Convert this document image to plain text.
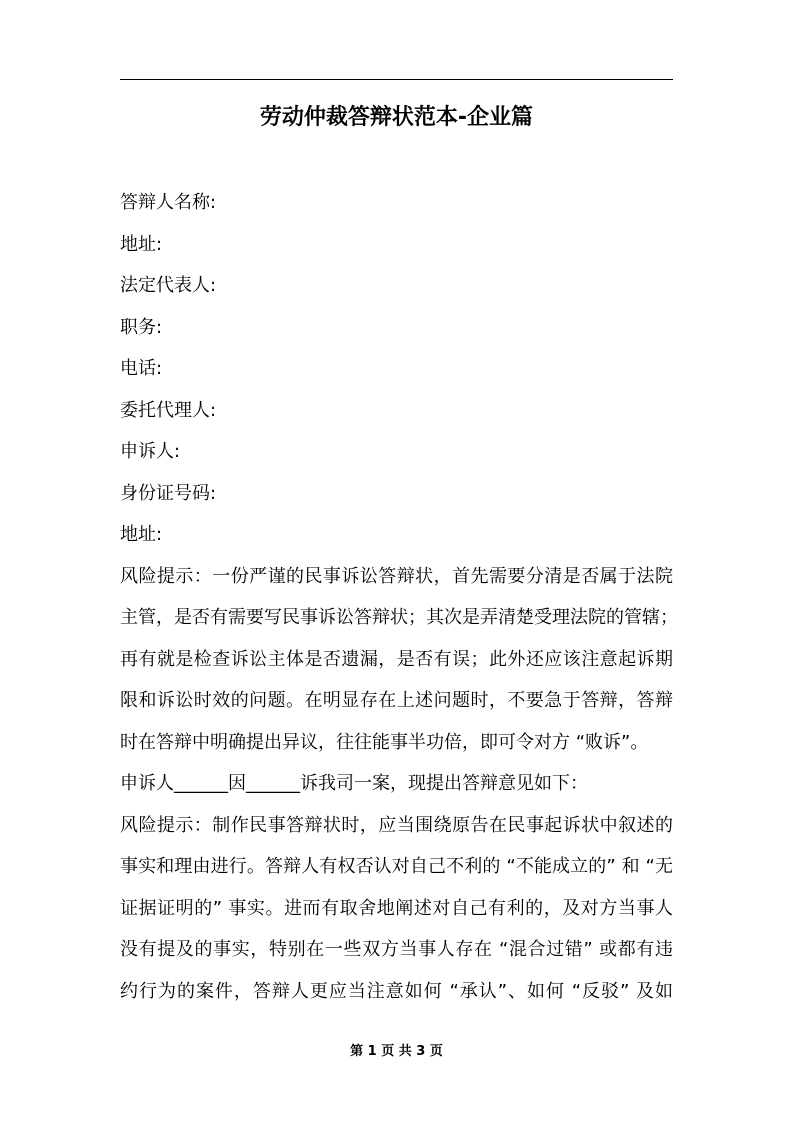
劳动仲裁答辩状范本-企业篇
答辩人名称:
地址:
法定代表人:
职务:
电话:
委托代理人:
申诉人:
身份证号码:
地址:
风险提示：一份严谨的民事诉讼答辩状，首先需要分清是否属于法院
主管，是否有需要写民事诉讼答辩状；其次是弄清楚受理法院的管辖；
再有就是检查诉讼主体是否遗漏，是否有误；此外还应该注意起诉期
限和诉讼时效的问题。在明显存在上述问题时，不要急于答辩，答辩
时在答辩中明确提出异议，往往能事半功倍，即可令对方 “败诉”。
申诉人______因______诉我司一案，现提出答辩意见如下：
风险提示：制作民事答辩状时，应当围绕原告在民事起诉状中叙述的
事实和理由进行。答辩人有权否认对自己不利的 “不能成立的” 和 “无
证据证明的” 事实。进而有取舍地阐述对自己有利的，及对方当事人
没有提及的事实，特别在一些双方当事人存在 “混合过错” 或都有违
约行为的案件，答辩人更应当注意如何 “承认”、如何 “反驳” 及如
第 1 页 共 3 页
